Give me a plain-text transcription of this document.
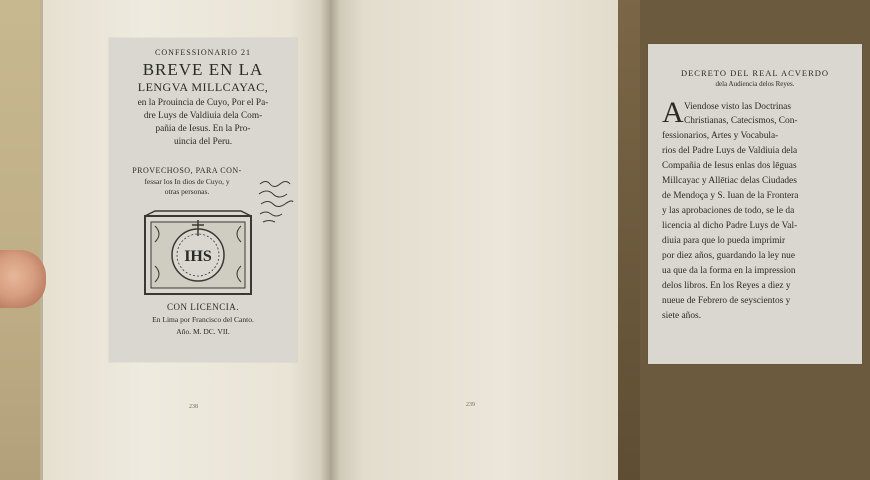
CONFESSIONARIO 21
BREVE EN LA
LENGVA MILLCAYAC,
en la Prouincia de Cuyo, Por el Pa-
dre Luys de Valdiuia dela Com-
pañia de Iesus. En la Pro-
uincia del Peru.
PROVECHOSO, PARA CON-
fessar los In dios de Cuyo, y
otras personas.
IHS
CON LICENCIA.
En Lima por Francisco del Canto.
Año. M. DC. VII.
238
DECRETO DEL REAL ACVERDO
dela Audiencia delos Reyes.
A Viendose visto las Doctrinas
Christianas, Catecismos, Con-
fessionarios, Artes y Vocabula-
rios del Padre Luys de Valdiuia dela
Compañia de Iesus enlas dos lēguas
Millcayac y Allētiac delas Ciudades
de Mendoça y S. Iuan de la Frontera
y las aprobaciones de todo, se le da
licencia al dicho Padre Luys de Val-
diuia para que lo pueda imprimir
por diez años, guardando la ley nue
ua que da la forma en la impression
delos libros. En los Reyes a diez y
nueue de Febrero de seyscientos y
siete años.
239
